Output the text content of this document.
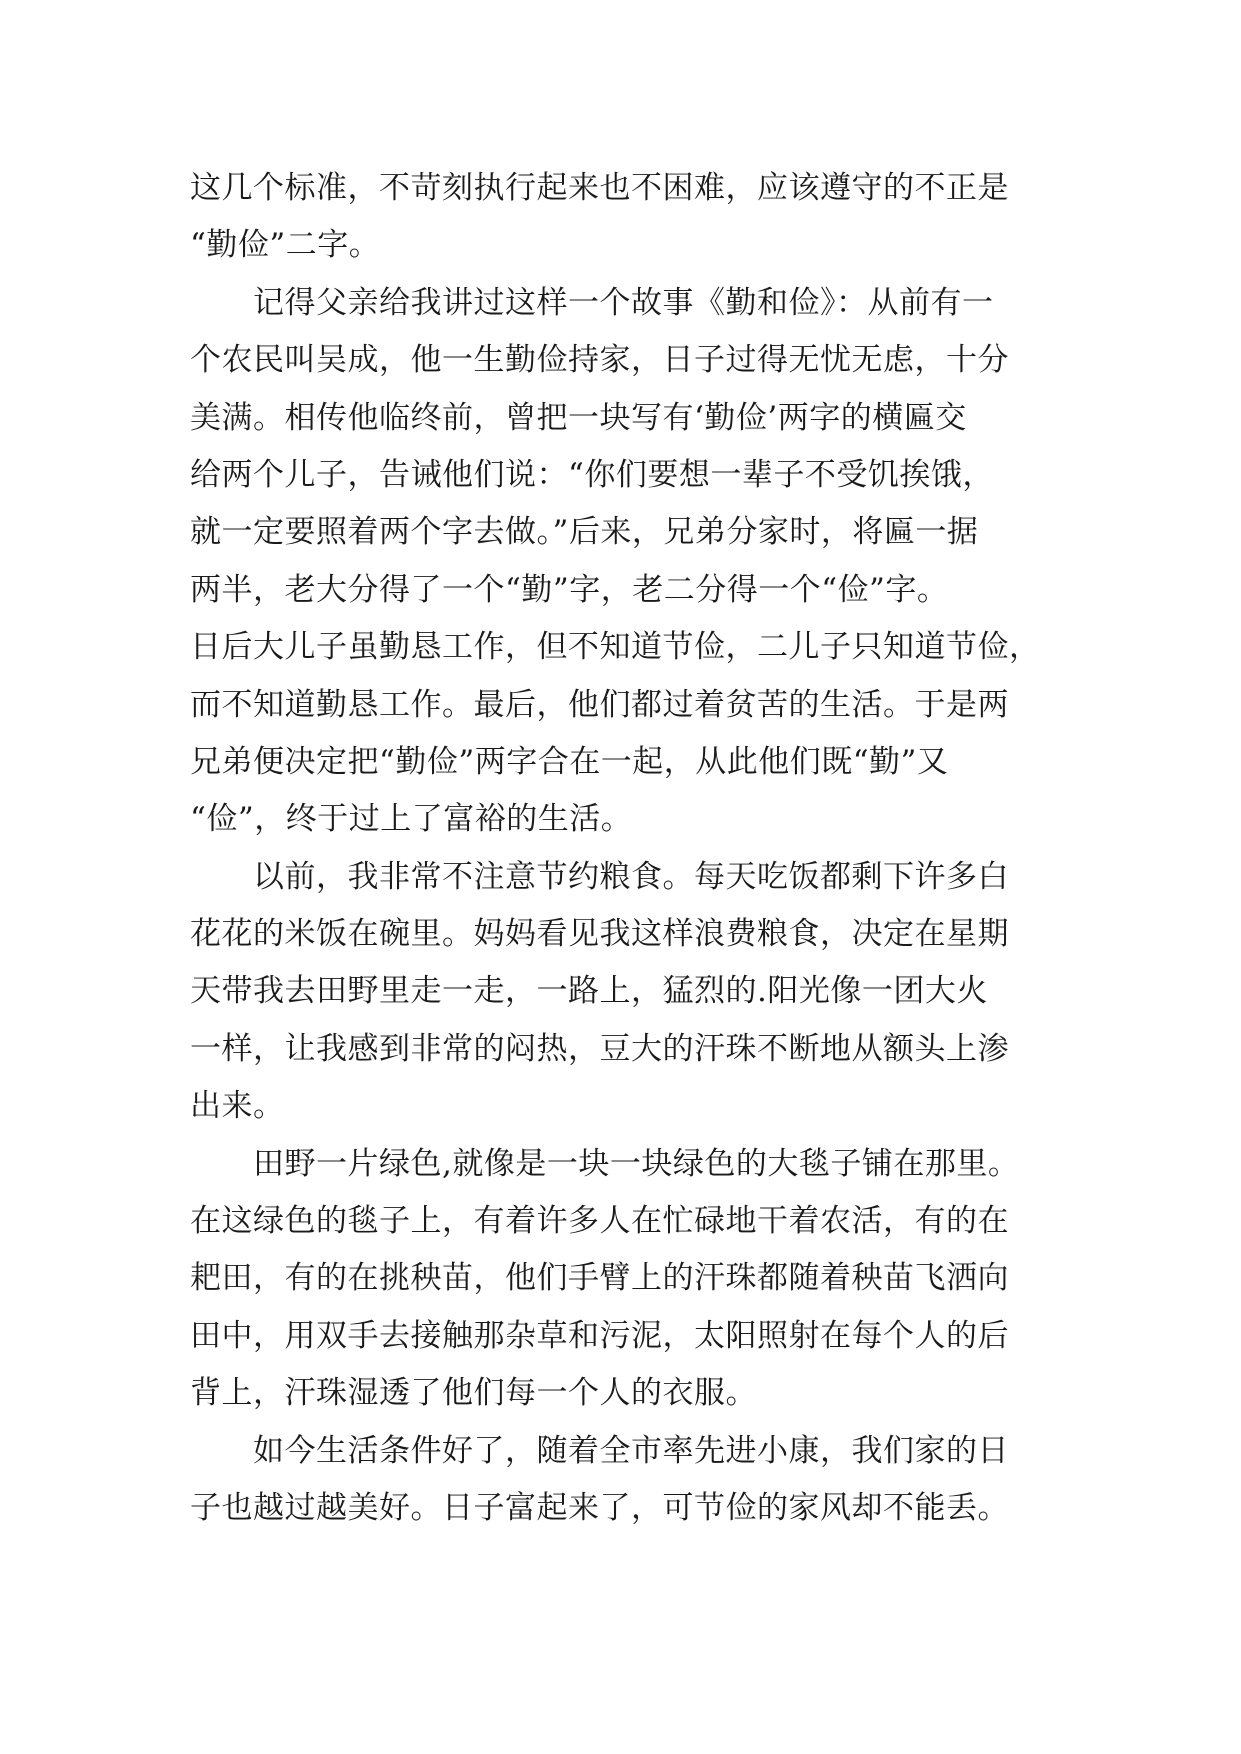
这几个标准，不苛刻执行起来也不困难，应该遵守的不正是
“勤俭”二字。
　　记得父亲给我讲过这样一个故事《勤和俭》：从前有一
个农民叫吴成，他一生勤俭持家，日子过得无忧无虑，十分
美满。相传他临终前，曾把一块写有‘勤俭’两字的横匾交
给两个儿子，告诫他们说：“你们要想一辈子不受饥挨饿，
就一定要照着两个字去做。”后来，兄弟分家时，将匾一据
两半，老大分得了一个“勤”字，老二分得一个“俭”字。
日后大儿子虽勤恳工作，但不知道节俭，二儿子只知道节俭，
而不知道勤恳工作。最后，他们都过着贫苦的生活。于是两
兄弟便决定把“勤俭”两字合在一起，从此他们既“勤”又
“俭”，终于过上了富裕的生活。
　　以前，我非常不注意节约粮食。每天吃饭都剩下许多白
花花的米饭在碗里。妈妈看见我这样浪费粮食，决定在星期
天带我去田野里走一走，一路上，猛烈的.阳光像一团大火
一样，让我感到非常的闷热，豆大的汗珠不断地从额头上渗
出来。
　　田野一片绿色,就像是一块一块绿色的大毯子铺在那里。
在这绿色的毯子上，有着许多人在忙碌地干着农活，有的在
耙田，有的在挑秧苗，他们手臂上的汗珠都随着秧苗飞洒向
田中，用双手去接触那杂草和污泥，太阳照射在每个人的后
背上，汗珠湿透了他们每一个人的衣服。
　　如今生活条件好了，随着全市率先进小康，我们家的日
子也越过越美好。日子富起来了，可节俭的家风却不能丢。
